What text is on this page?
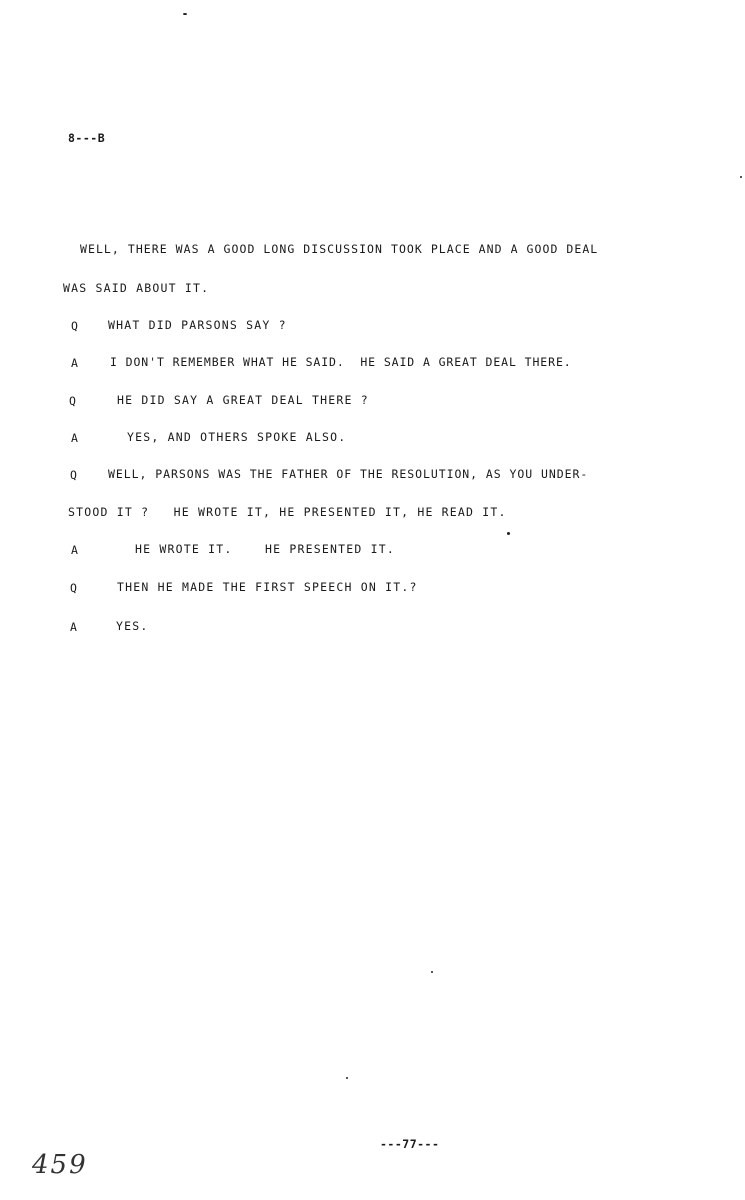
8---B
WELL, THERE WAS A GOOD LONG DISCUSSION TOOK PLACE AND A GOOD DEAL
WAS SAID ABOUT IT.
Q	WHAT DID PARSONS SAY ?
A	I DON'T REMEMBER WHAT HE SAID.  HE SAID A GREAT DEAL THERE.
Q	HE DID SAY A GREAT DEAL THERE ?
A	YES, AND OTHERS SPOKE ALSO.
Q	WELL, PARSONS WAS THE FATHER OF THE RESOLUTION, AS YOU UNDER-
STOOD IT ?   HE WROTE IT, HE PRESENTED IT, HE READ IT.
A	HE WROTE IT.    HE PRESENTED IT.
Q	THEN HE MADE THE FIRST SPEECH ON IT.?
A	YES.
---77---
459
